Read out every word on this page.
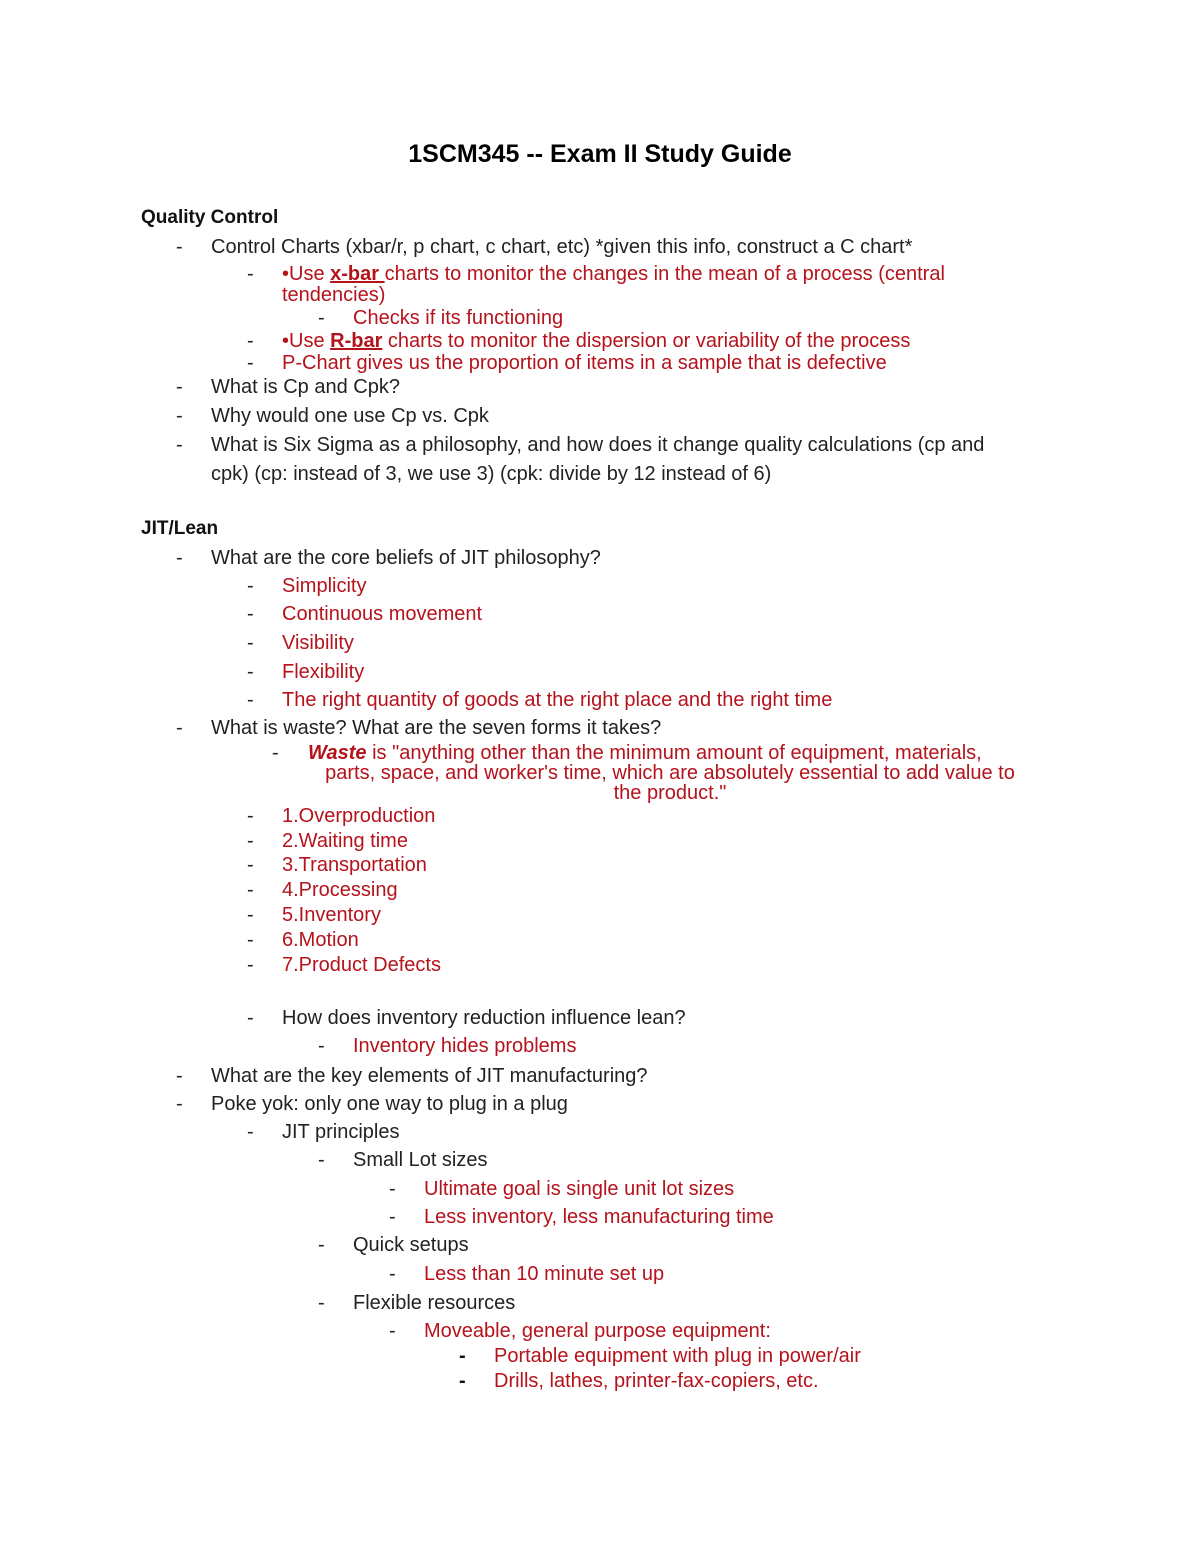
1SCM345 -- Exam II Study Guide
Quality Control
- Control Charts (xbar/r, p chart, c chart, etc) *given this info, construct a C chart*
- •Use x-bar charts to monitor the changes in the mean of a process (central
tendencies)
- Checks if its functioning
- •Use R-bar charts to monitor the dispersion or variability of the process
- P-Chart gives us the proportion of items in a sample that is defective
- What is Cp and Cpk?
- Why would one use Cp vs. Cpk
- What is Six Sigma as a philosophy, and how does it change quality calculations (cp and
cpk) (cp: instead of 3, we use 3) (cpk: divide by 12 instead of 6)
JIT/Lean
- What are the core beliefs of JIT philosophy?
- Simplicity
- Continuous movement
- Visibility
- Flexibility
- The right quantity of goods at the right place and the right time
- What is waste? What are the seven forms it takes?
- Waste is "anything other than the minimum amount of equipment, materials,
parts, space, and worker's time, which are absolutely essential to add value to
the product."
- 1.Overproduction
- 2.Waiting time
- 3.Transportation
- 4.Processing
- 5.Inventory
- 6.Motion
- 7.Product Defects
- How does inventory reduction influence lean?
- Inventory hides problems
- What are the key elements of JIT manufacturing?
- Poke yok: only one way to plug in a plug
- JIT principles
- Small Lot sizes
- Ultimate goal is single unit lot sizes
- Less inventory, less manufacturing time
- Quick setups
- Less than 10 minute set up
- Flexible resources
- Moveable, general purpose equipment:
- Portable equipment with plug in power/air
- Drills, lathes, printer-fax-copiers, etc.
